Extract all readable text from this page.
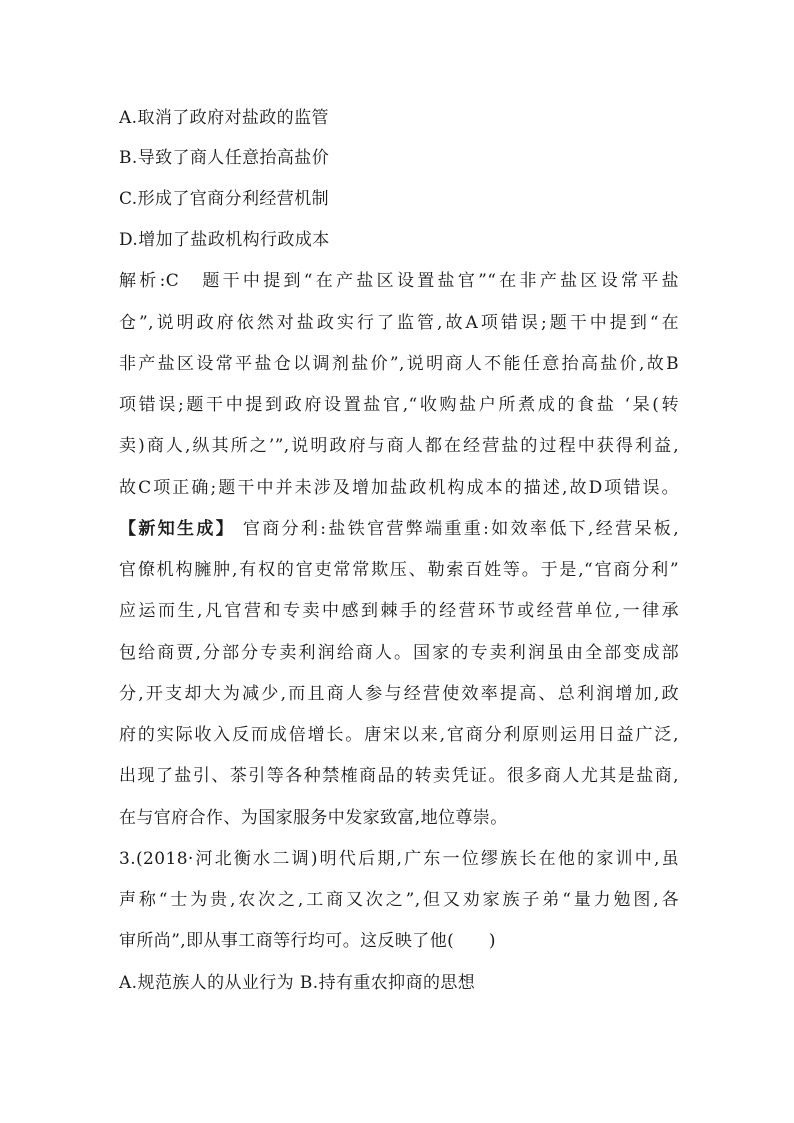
A.取消了政府对盐政的监管
B.导致了商人任意抬高盐价
C.形成了官商分利经营机制
D.增加了盐政机构行政成本
解析:C　题干中提到“在产盐区设置盐官”“在非产盐区设常平盐
仓”,说明政府依然对盐政实行了监管,故A项错误;题干中提到“在
非产盐区设常平盐仓以调剂盐价”,说明商人不能任意抬高盐价,故B
项错误;题干中提到政府设置盐官,“收购盐户所煮成的食盐 ‘杲(转
卖)商人,纵其所之’”,说明政府与商人都在经营盐的过程中获得利益,
故C项正确;题干中并未涉及增加盐政机构成本的描述,故D项错误。
【新知生成】 官商分利:盐铁官营弊端重重:如效率低下,经营呆板,
官僚机构臃肿,有权的官吏常常欺压、勒索百姓等。于是,“官商分利”
应运而生,凡官营和专卖中感到棘手的经营环节或经营单位,一律承
包给商贾,分部分专卖利润给商人。国家的专卖利润虽由全部变成部
分,开支却大为减少,而且商人参与经营使效率提高、总利润增加,政
府的实际收入反而成倍增长。唐宋以来,官商分利原则运用日益广泛,
出现了盐引、茶引等各种禁榷商品的转卖凭证。很多商人尤其是盐商,
在与官府合作、为国家服务中发家致富,地位尊崇。
3.(2018·河北衡水二调)明代后期,广东一位缪族长在他的家训中,虽
声称“士为贵,农次之,工商又次之”,但又劝家族子弟“量力勉图,各
审所尚”,即从事工商等行均可。这反映了他(　　)
A.规范族人的从业行为 B.持有重农抑商的思想
